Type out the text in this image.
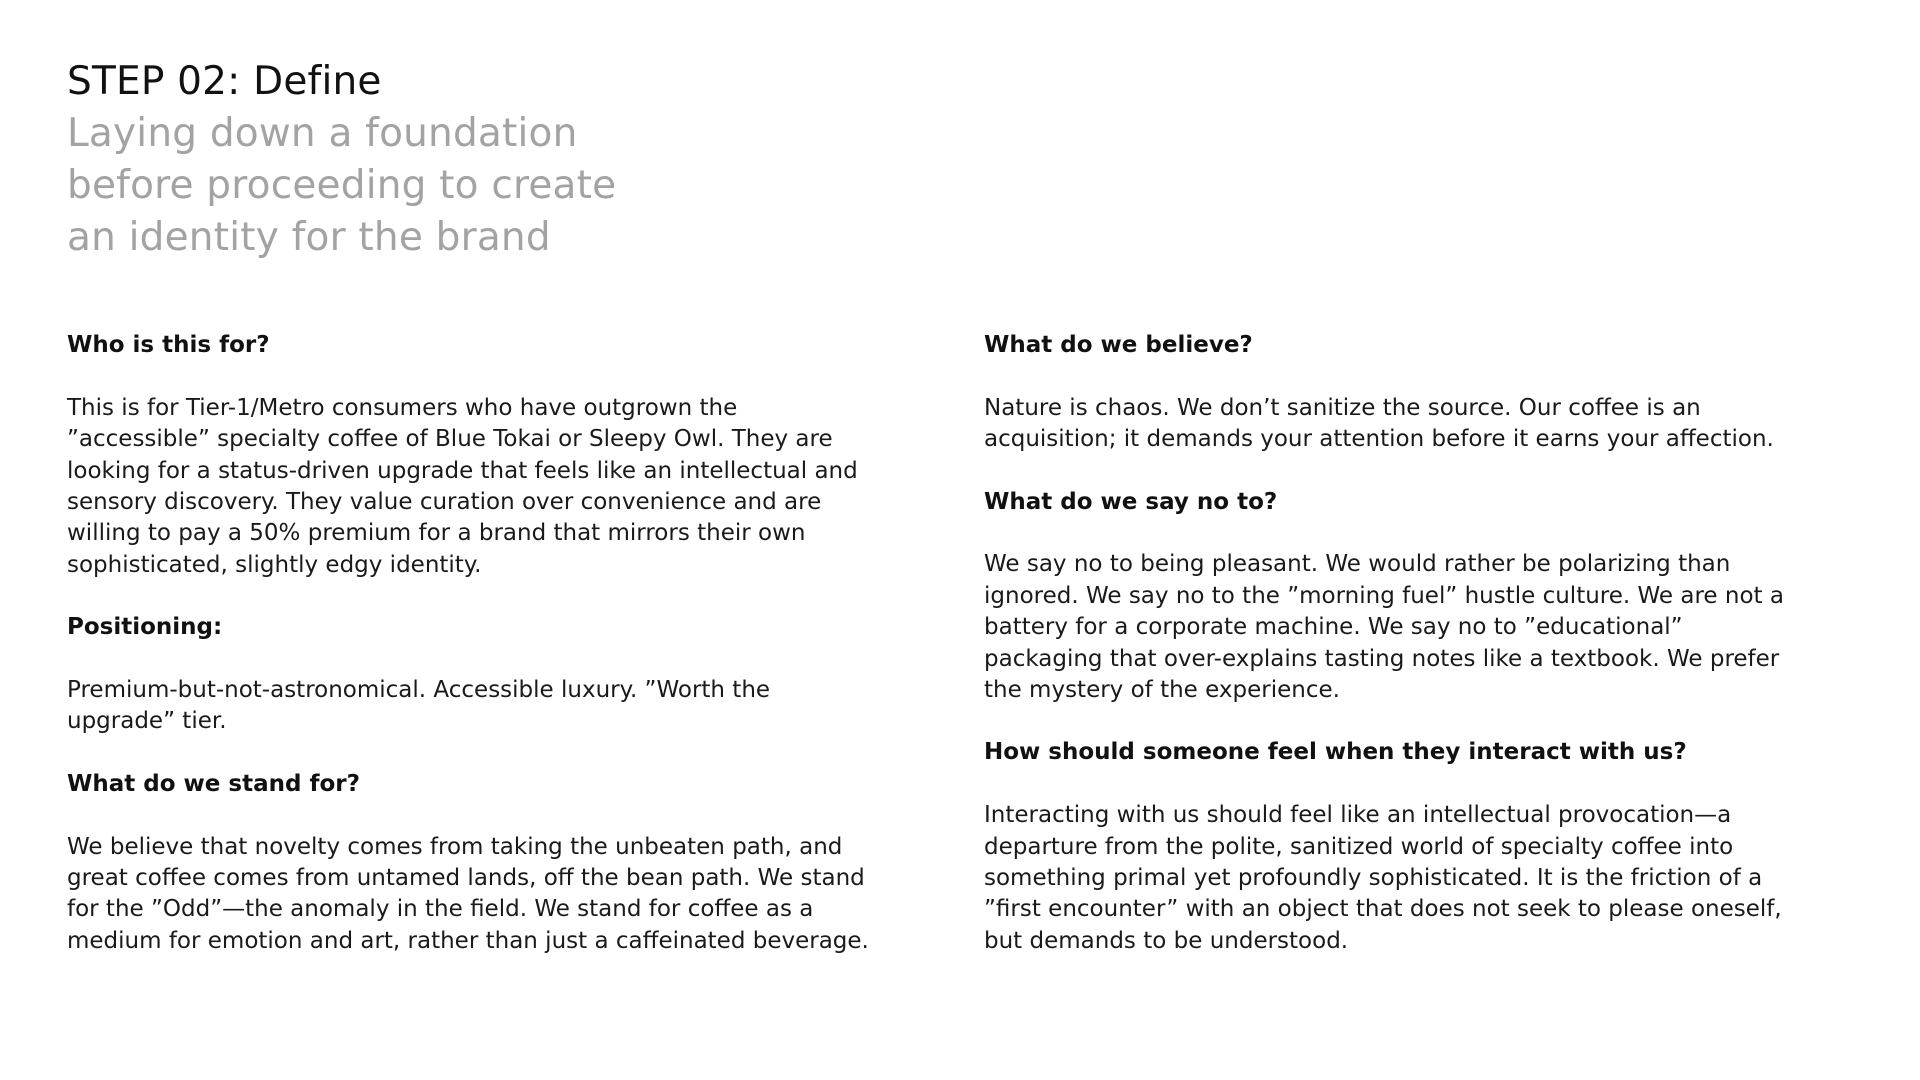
STEP 02: Define

Laying down a foundation

before proceeding to create

an identity for the brand

Who is this for?
This is for Tier-1/Metro consumers who have outgrown the
”accessible” specialty coffee of Blue Tokai or Sleepy Owl. They are
looking for a status-driven upgrade that feels like an intellectual and
sensory discovery. They value curation over convenience and are
willing to pay a 50% premium for a brand that mirrors their own
sophisticated, slightly edgy identity.
Positioning:
Premium-but-not-astronomical. Accessible luxury. ”Worth the
upgrade” tier.
What do we stand for?
We believe that novelty comes from taking the unbeaten path, and
great coffee comes from untamed lands, off the bean path. We stand
for the ”Odd”—the anomaly in the field. We stand for coffee as a
medium for emotion and art, rather than just a caffeinated beverage.
What do we believe?
Nature is chaos. We don’t sanitize the source. Our coffee is an
acquisition; it demands your attention before it earns your affection.
What do we say no to?
We say no to being pleasant. We would rather be polarizing than
ignored. We say no to the ”morning fuel” hustle culture. We are not a
battery for a corporate machine. We say no to ”educational”
packaging that over-explains tasting notes like a textbook. We prefer
the mystery of the experience.
How should someone feel when they interact with us?
Interacting with us should feel like an intellectual provocation—a
departure from the polite, sanitized world of specialty coffee into
something primal yet profoundly sophisticated. It is the friction of a
”first encounter” with an object that does not seek to please oneself,
but demands to be understood.
